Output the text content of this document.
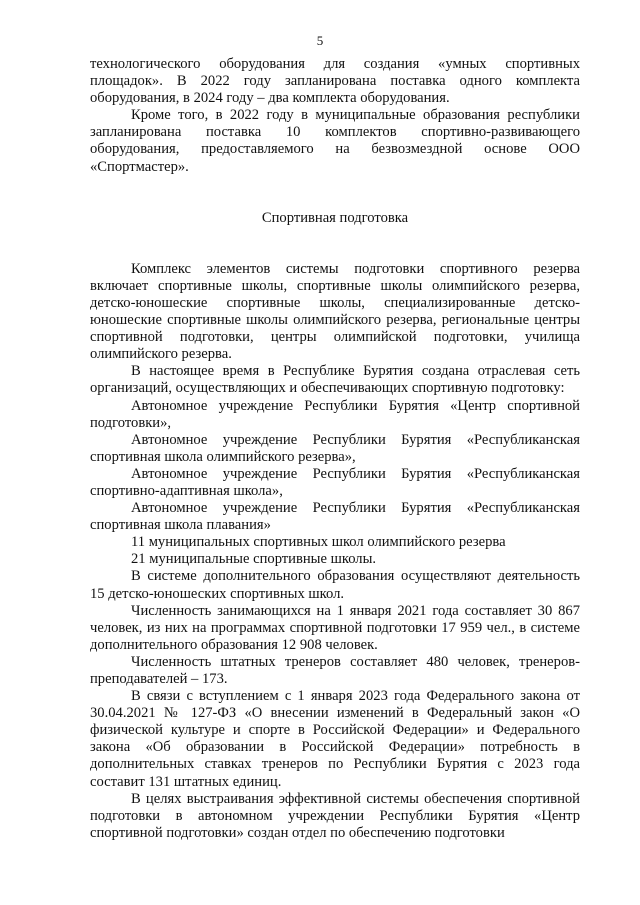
5

технологического оборудования для создания «умных спортивных площадок». В 2022 году запланирована поставка одного комплекта оборудования, в 2024 году – два комплекта оборудования.

Кроме того, в 2022 году в муниципальные образования республики запланирована поставка 10 комплектов спортивно-развивающего оборудования, предоставляемого на безвозмездной основе ООО «Спортмастер».

Спортивная подготовка

Комплекс элементов системы подготовки спортивного резерва включает спортивные школы, спортивные школы олимпийского резерва, детско-юношеские спортивные школы, специализированные детско-юношеские спортивные школы олимпийского резерва, региональные центры спортивной подготовки, центры олимпийской подготовки, училища олимпийского резерва.

В настоящее время в Республике Бурятия создана отраслевая сеть организаций, осуществляющих и обеспечивающих спортивную подготовку:

Автономное учреждение Республики Бурятия «Центр спортивной подготовки»,

Автономное учреждение Республики Бурятия «Республиканская спортивная школа олимпийского резерва»,

Автономное учреждение Республики Бурятия «Республиканская спортивно-адаптивная школа»,

Автономное учреждение Республики Бурятия «Республиканская спортивная школа плавания»

11 муниципальных спортивных школ олимпийского резерва

21 муниципальные спортивные школы.

В системе дополнительного образования осуществляют деятельность 15 детско-юношеских спортивных школ.

Численность занимающихся на 1 января 2021 года составляет 30 867 человек, из них на программах спортивной подготовки 17 959 чел., в системе дополнительного образования 12 908 человек.

Численность штатных тренеров составляет 480 человек, тренеров-преподавателей – 173.

В связи с вступлением с 1 января 2023 года Федерального закона от 30.04.2021 № 127-ФЗ «О внесении изменений в Федеральный закон «О физической культуре и спорте в Российской Федерации» и Федерального закона «Об образовании в Российской Федерации» потребность в дополнительных ставках тренеров по Республики Бурятия с 2023 года составит 131 штатных единиц.

В целях выстраивания эффективной системы обеспечения спортивной подготовки в автономном учреждении Республики Бурятия «Центр спортивной подготовки» создан отдел по обеспечению подготовки
